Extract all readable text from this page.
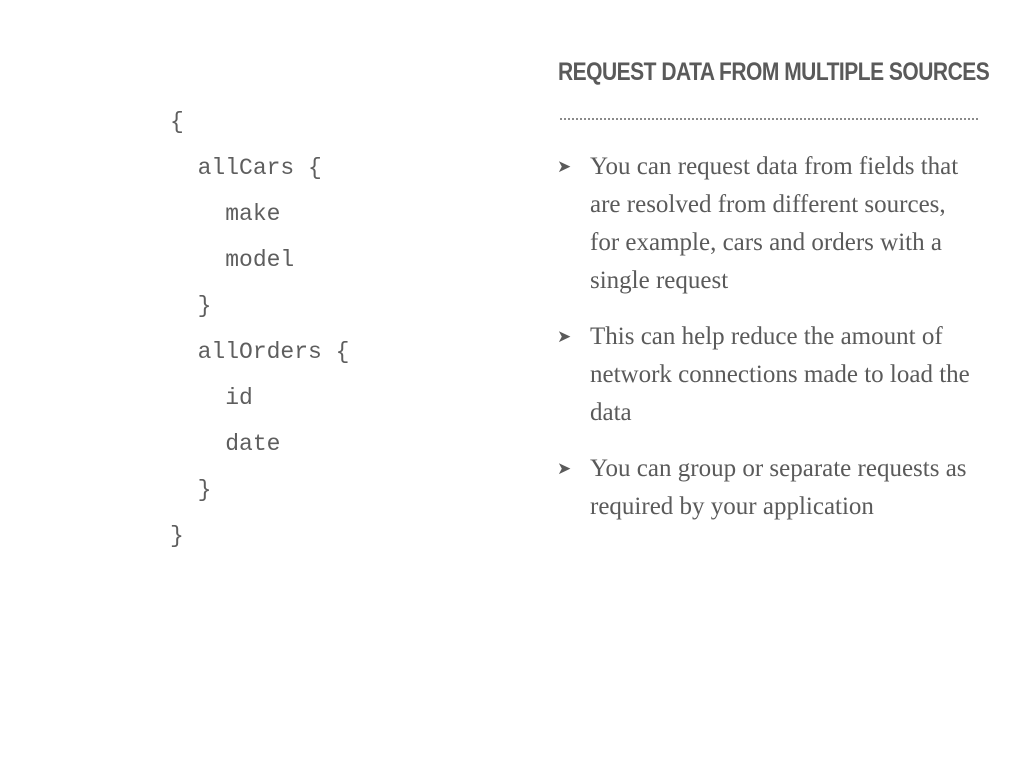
{
allCars {
make
model
}
allOrders {
id
date
}
}
REQUEST DATA FROM MULTIPLE SOURCES
➤ You can request data from fields that are resolved from different sources, for example, cars and orders with a single request
➤ This can help reduce the amount of network connections made to load the data
➤ You can group or separate requests as required by your application
